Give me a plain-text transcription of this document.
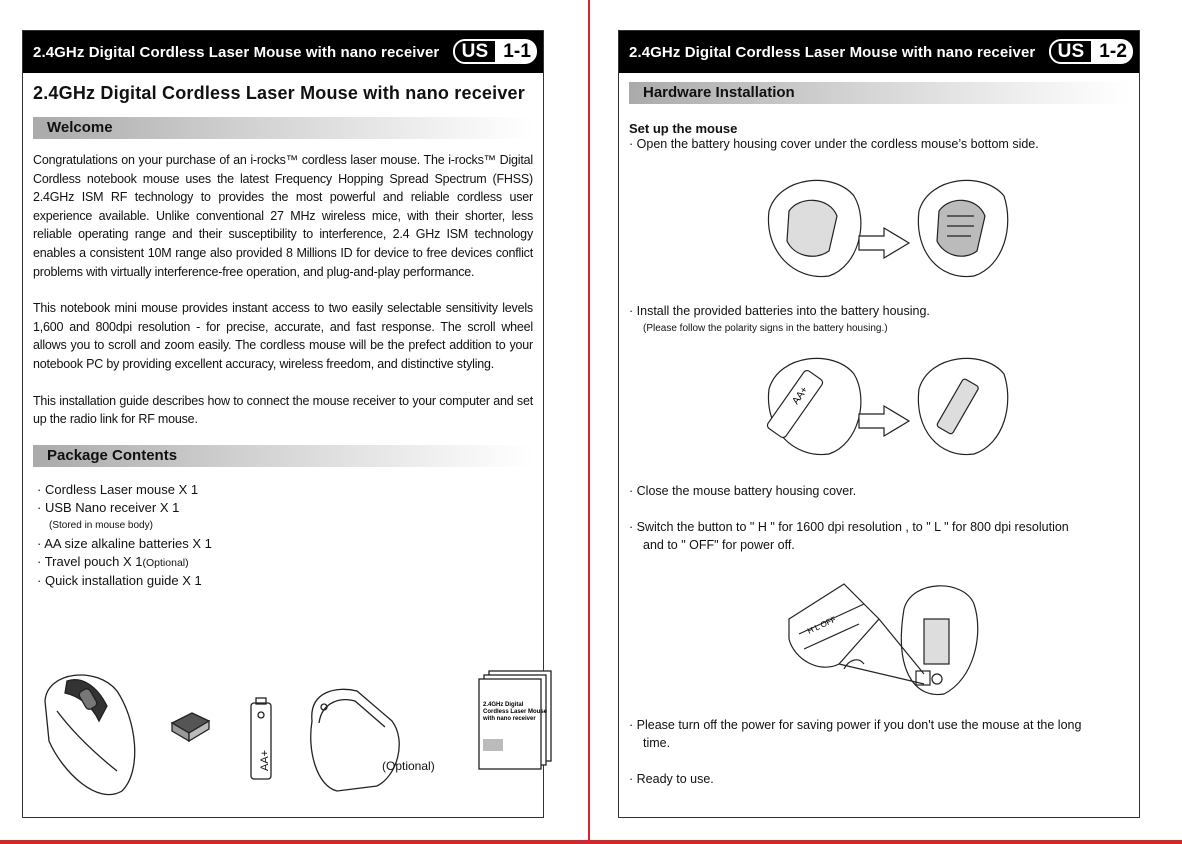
2.4GHz Digital Cordless Laser Mouse with nano receiver	US 1-1
2.4GHz Digital Cordless Laser Mouse with nano receiver
Welcome
Congratulations on your purchase of an i-rocks™ cordless laser mouse. The i-rocks™ Digital Cordless notebook mouse uses the latest Frequency Hopping Spread Spectrum (FHSS) 2.4GHz ISM RF technology to provides the most powerful and reliable cordless user experience available. Unlike conventional 27 MHz wireless mice, with their shorter, less reliable operating range and their susceptibility to interference, 2.4 GHz ISM technology enables a consistent 10M range also provided 8 Millions ID for device to free devices conflict problems with virtually interference-free operation, and plug-and-play performance.
This notebook mini mouse provides instant access to two easily selectable sensitivity levels 1,600 and 800dpi resolution - for precise, accurate, and fast response. The scroll wheel allows you to scroll and zoom easily. The cordless mouse will be the prefect addition to your notebook PC by providing excellent accuracy, wireless freedom, and distinctive styling.
This installation guide describes how to connect the mouse receiver to your computer and set up the radio link for RF mouse.
Package Contents
· Cordless Laser mouse X 1
· USB Nano receiver X 1
(Stored in mouse body)
· AA size alkaline batteries X 1
· Travel pouch X 1(Optional)
· Quick installation guide X 1
AA+
2.4GHz Digital
Cordless Laser Mouse
with nano receiver
(Optional)
2.4GHz Digital Cordless Laser Mouse with nano receiver	US 1-2
Hardware Installation
Set up the mouse
· Open the battery housing cover under the cordless mouse’s bottom side.
· Install the provided batteries into the battery housing.
(Please follow the polarity signs in the battery housing.)
AA+
· Close the mouse battery housing cover.
· Switch the button to " H " for 1600 dpi resolution , to " L " for 800 dpi resolution
and to " OFF" for power off.
H L OFF
· Please turn off the power for saving power if you don't use the mouse at the long
time.
· Ready to use.
